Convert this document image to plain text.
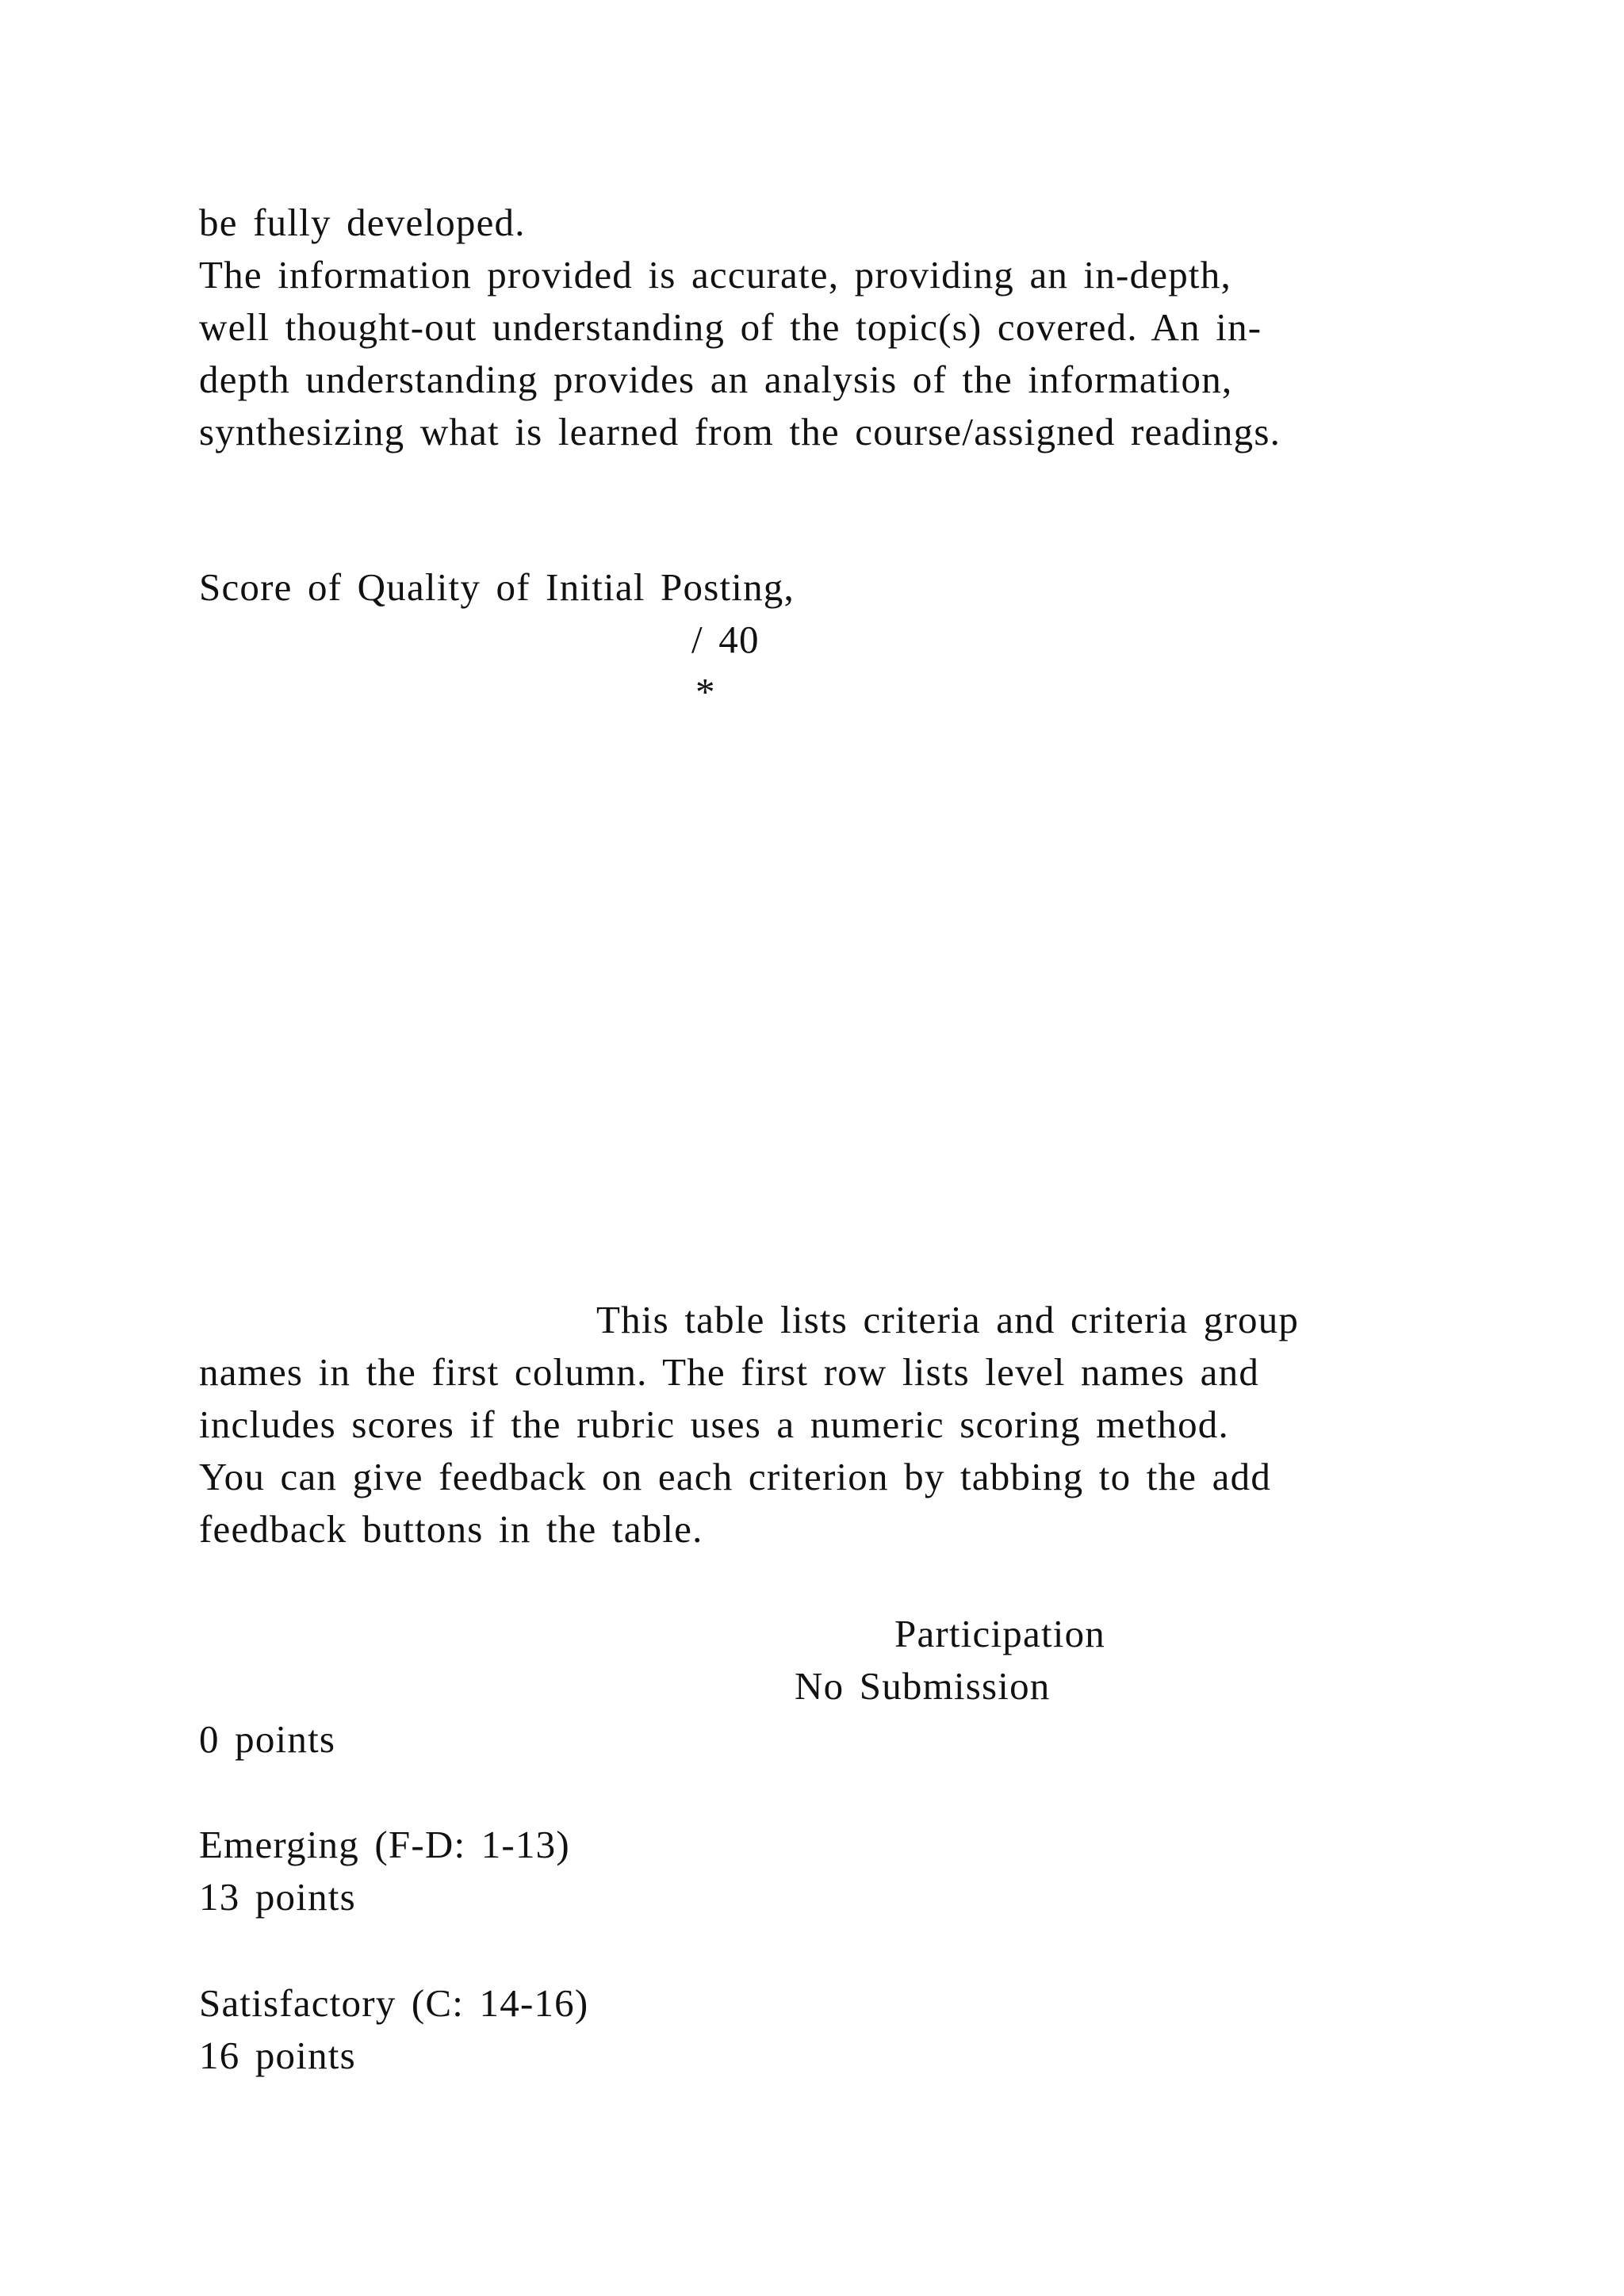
be fully developed.
The information provided is accurate, providing an in-depth,
well thought-out understanding of the topic(s) covered. An in-
depth understanding provides an analysis of the information,
synthesizing what is learned from the course/assigned readings.
Score of Quality of Initial Posting,
/ 40
*
This table lists criteria and criteria group
names in the first column. The first row lists level names and
includes scores if the rubric uses a numeric scoring method.
You can give feedback on each criterion by tabbing to the add
feedback buttons in the table.
Participation
No Submission
0 points
Emerging (F-D: 1-13)
13 points
Satisfactory (C: 14-16)
16 points
